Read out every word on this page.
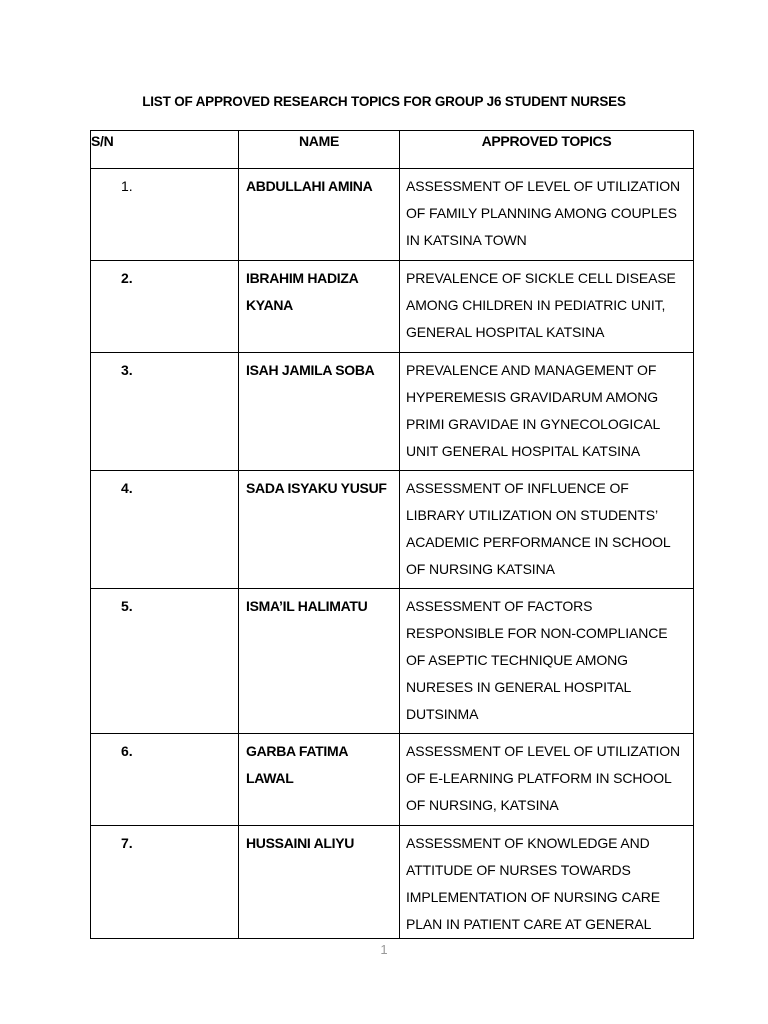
LIST OF APPROVED RESEARCH TOPICS FOR GROUP J6 STUDENT NURSES
S/N	NAME	APPROVED TOPICS

1.	ABDULLAHI AMINA	ASSESSMENT OF LEVEL OF UTILIZATION
OF FAMILY PLANNING AMONG COUPLES
IN KATSINA TOWN

2.	IBRAHIM HADIZA KYANA	PREVALENCE OF SICKLE CELL DISEASE
AMONG CHILDREN IN PEDIATRIC UNIT,
GENERAL HOSPITAL KATSINA

3.	ISAH JAMILA SOBA	PREVALENCE AND MANAGEMENT OF
HYPEREMESIS GRAVIDARUM AMONG
PRIMI GRAVIDAE IN GYNECOLOGICAL
UNIT GENERAL HOSPITAL KATSINA

4.	SADA ISYAKU YUSUF	ASSESSMENT OF INFLUENCE OF
LIBRARY UTILIZATION ON STUDENTS’
ACADEMIC PERFORMANCE IN SCHOOL
OF NURSING KATSINA

5.	ISMA’IL HALIMATU	ASSESSMENT OF FACTORS
RESPONSIBLE FOR NON-COMPLIANCE
OF ASEPTIC TECHNIQUE AMONG
NURESES IN GENERAL HOSPITAL
DUTSINMA

6.	GARBA FATIMA LAWAL	ASSESSMENT OF LEVEL OF UTILIZATION
OF E-LEARNING PLATFORM IN SCHOOL
OF NURSING, KATSINA

7.	HUSSAINI ALIYU	ASSESSMENT OF KNOWLEDGE AND
ATTITUDE OF NURSES TOWARDS
IMPLEMENTATION OF NURSING CARE
PLAN IN PATIENT CARE AT GENERAL
1
